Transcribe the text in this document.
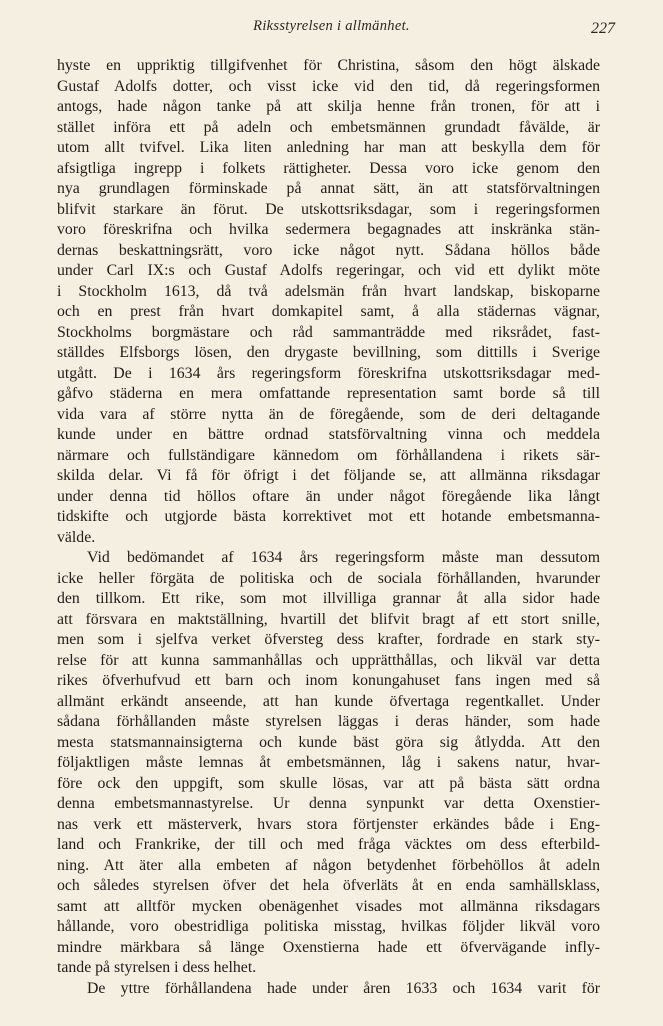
Riksstyrelsen i allmänhet.	227
hyste en uppriktig tillgifvenhet för Christina, såsom den högt älskade
Gustaf Adolfs dotter, och visst icke vid den tid, då regeringsformen
antogs, hade någon tanke på att skilja henne från tronen, för att i
stället införa ett på adeln och embetsmännen grundadt fåvälde, är
utom allt tvifvel. Lika liten anledning har man att beskylla dem för
afsigtliga ingrepp i folkets rättigheter. Dessa voro icke genom den
nya grundlagen förminskade på annat sätt, än att statsförvaltningen
blifvit starkare än förut. De utskottsriksdagar, som i regeringsformen
voro föreskrifna och hvilka sedermera begagnades att inskränka stän-
dernas beskattningsrätt, voro icke något nytt. Sådana höllos både
under Carl IX:s och Gustaf Adolfs regeringar, och vid ett dylikt möte
i Stockholm 1613, då två adelsmän från hvart landskap, biskoparne
och en prest från hvart domkapitel samt, å alla städernas vägnar,
Stockholms borgmästare och råd sammanträdde med riksrådet, fast-
ställdes Elfsborgs lösen, den drygaste bevillning, som dittills i Sverige
utgått. De i 1634 års regeringsform föreskrifna utskottsriksdagar med-
gåfvo städerna en mera omfattande representation samt borde så till
vida vara af större nytta än de föregående, som de deri deltagande
kunde under en bättre ordnad statsförvaltning vinna och meddela
närmare och fullständigare kännedom om förhållandena i rikets sär-
skilda delar. Vi få för öfrigt i det följande se, att allmänna riksdagar
under denna tid höllos oftare än under något föregående lika långt
tidskifte och utgjorde bästa korrektivet mot ett hotande embetsmanna-
välde.
Vid bedömandet af 1634 års regeringsform måste man dessutom
icke heller förgäta de politiska och de sociala förhållanden, hvarunder
den tillkom. Ett rike, som mot illvilliga grannar åt alla sidor hade
att försvara en maktställning, hvartill det blifvit bragt af ett stort snille,
men som i sjelfva verket öfversteg dess krafter, fordrade en stark sty-
relse för att kunna sammanhållas och upprätthållas, och likväl var detta
rikes öfverhufvud ett barn och inom konungahuset fans ingen med så
allmänt erkändt anseende, att han kunde öfvertaga regentkallet. Under
sådana förhållanden måste styrelsen läggas i deras händer, som hade
mesta statsmannainsigterna och kunde bäst göra sig åtlydda. Att den
följaktligen måste lemnas åt embetsmännen, låg i sakens natur, hvar-
före ock den uppgift, som skulle lösas, var att på bästa sätt ordna
denna embetsmannastyrelse. Ur denna synpunkt var detta Oxenstier-
nas verk ett mästerverk, hvars stora förtjenster erkändes både i Eng-
land och Frankrike, der till och med fråga väcktes om dess efterbild-
ning. Att äter alla embeten af någon betydenhet förbehöllos åt adeln
och således styrelsen öfver det hela öfverläts åt en enda samhällsklass,
samt att alltför mycken obenägenhet visades mot allmänna riksdagars
hållande, voro obestridliga politiska misstag, hvilkas följder likväl voro
mindre märkbara så länge Oxenstierna hade ett öfvervägande infly-
tande på styrelsen i dess helhet.
De yttre förhållandena hade under åren 1633 och 1634 varit för
